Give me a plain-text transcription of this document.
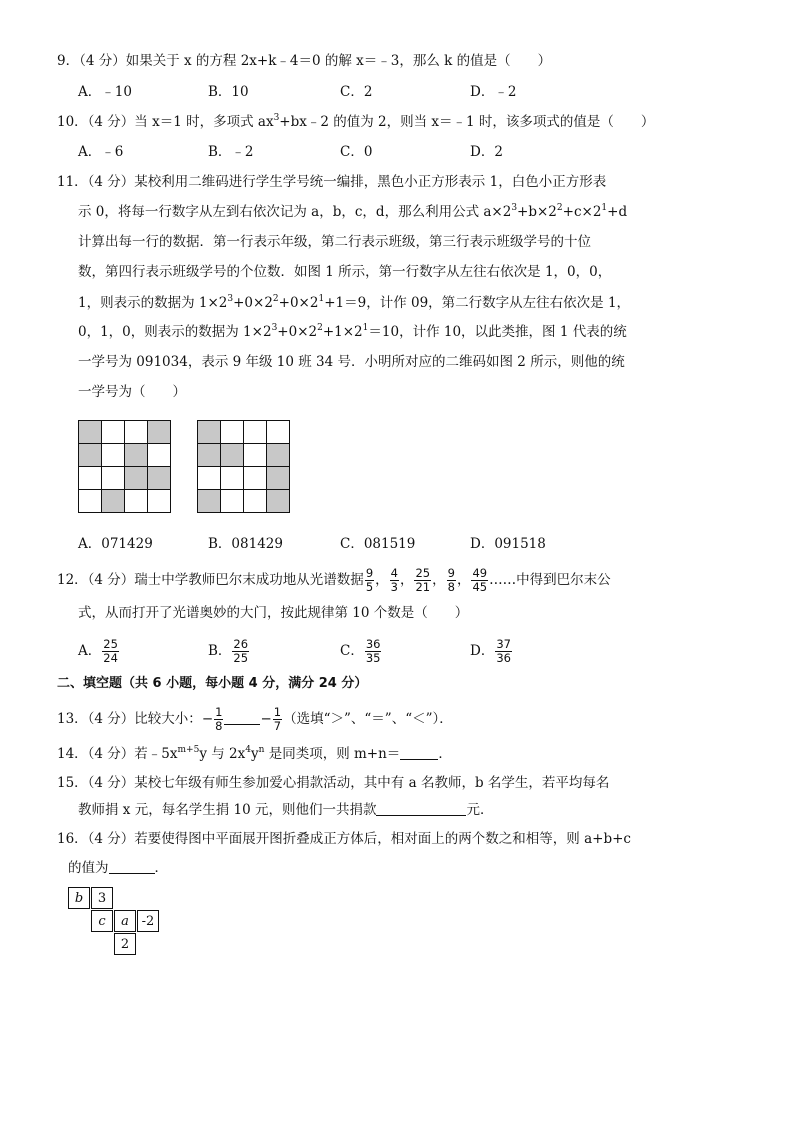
9．（4 分）如果关于 x 的方程 2x+k﹣4＝0 的解 x＝﹣3，那么 k 的值是（　　）
A．﹣10	B．10	C．2	D．﹣2
10．（4 分）当 x＝1 时，多项式 $ax^3+bx﹣2$ 的值为 2，则当 x＝﹣1 时，该多项式的值是（　　）
A．﹣6	B．﹣2	C．0	D．2
11．（4 分）某校利用二维码进行学生学号统一编排，黑色小正方形表示 1，白色小正方形表
示 0，将每一行数字从左到右依次记为 a，b，c，d，那么利用公式 $a\times 2^3+b\times 2^2+c\times 2^1+d$
计算出每一行的数据．第一行表示年级，第二行表示班级，第三行表示班级学号的十位
数，第四行表示班级学号的个位数．如图 1 所示，第一行数字从左往右依次是 1，0，0，
1，则表示的数据为 $1\times 2^3+0\times 2^2+0\times 2^1+1=9$，计作 09，第二行数字从左往右依次是 1，
0，1，0，则表示的数据为 $1\times 2^3+0\times 2^2+1\times 2^1=10$，计作 10，以此类推，图 1 代表的统
一学号为 091034，表示 9 年级 10 班 34 号．小明所对应的二维码如图 2 所示，则他的统
一学号为（　　）

A．071429	B．081429	C．081519	D．091518
12．（4 分）瑞士中学教师巴尔末成功地从光谱数据 $\frac{9}{5}$ ， $\frac{4}{3}$ ， $\frac{25}{21}$ ， $\frac{9}{8}$ ， $\frac{49}{45}$ ……中得到巴尔末公
式，从而打开了光谱奥妙的大门，按此规律第 10 个数是（　　）
A． $\frac{25}{24}$	B． $\frac{26}{25}$	C． $\frac{36}{35}$	D． $\frac{37}{36}$
二、填空题（共 6 小题，每小题 4 分，满分 24 分）
13．（4 分）比较大小：− $\frac{1}{8}$	− $\frac{1}{7}$ （选填“＞”、“＝”、“＜”）．
14．（4 分）若$﹣5x^{m+5}y$ 与 $2x^4y^n$ 是同类项，则 m+n＝	．
15．（4 分）某校七年级有师生参加爱心捐款活动，其中有 a 名教师，b 名学生，若平均每名
教师捐 x 元，每名学生捐 10 元，则他们一共捐款	元．
16．（4 分）若要使得图中平面展开图折叠成正方体后，相对面上的两个数之和相等，则 a+b+c
的值为	．
b	3
c	a -2
2
